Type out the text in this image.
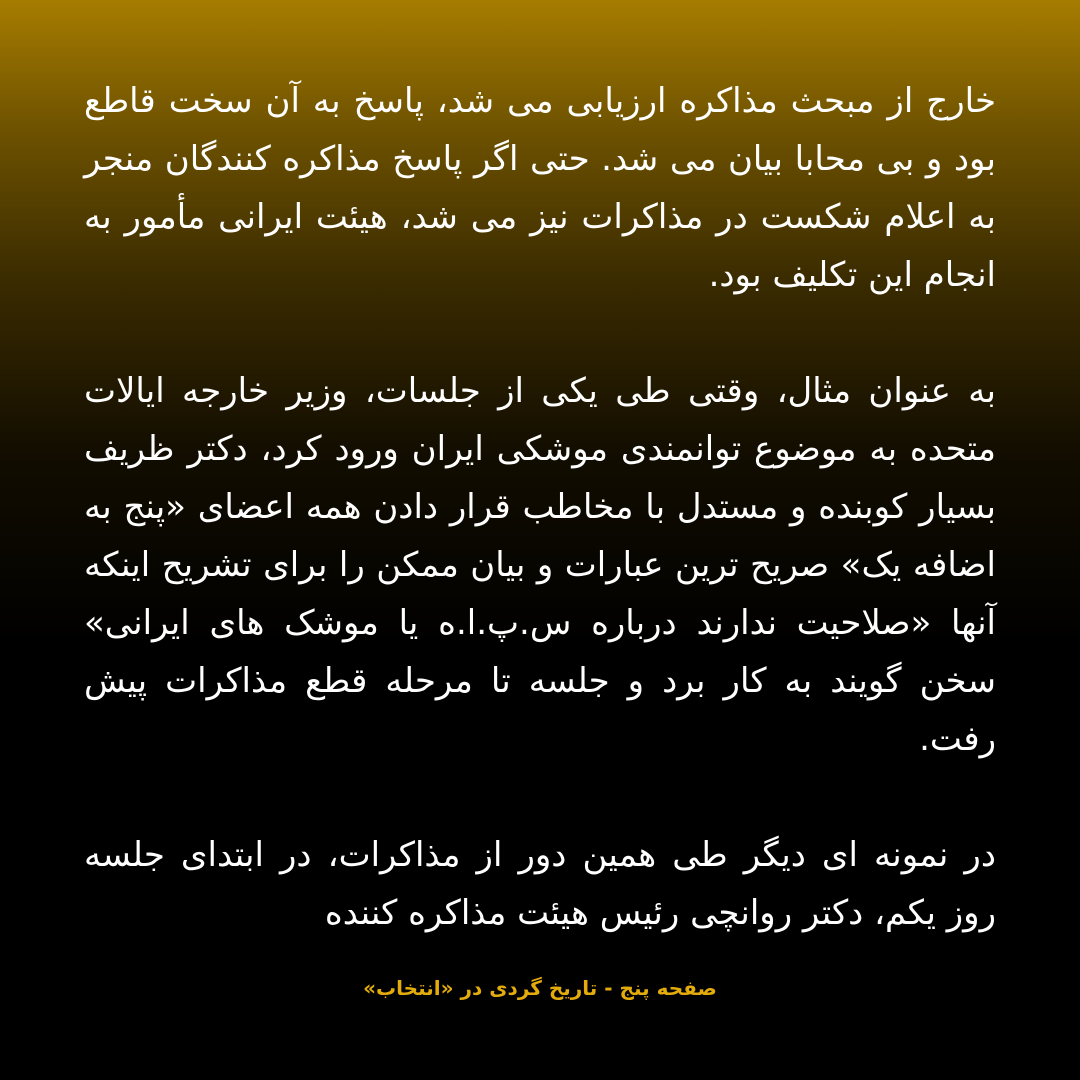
خارج از مبحث مذاکره ارزیابی می شد، پاسخ به آن سخت قاطع بود و بی محابا بیان می شد. حتی اگر پاسخ مذاکره کنندگان منجر به اعلام شکست در مذاکرات نیز می شد، هیئت ایرانی مأمور به انجام این تکلیف بود.

به عنوان مثال، وقتی طی یکی از جلسات، وزیر خارجه ایالات متحده به موضوع توانمندی موشکی ایران ورود کرد، دکتر ظریف بسیار کوبنده و مستدل با مخاطب قرار دادن همه اعضای «پنج به اضافه یک» صریح ترین عبارات و بیان ممکن را برای تشریح اینکه آنها «صلاحیت ندارند درباره س.پ.ا.ه یا موشک های ایرانی» سخن گویند به کار برد و جلسه تا مرحله قطع مذاکرات پیش رفت.

در نمونه ای دیگر طی همین دور از مذاکرات، در ابتدای جلسه روز یکم، دکتر روانچی رئیس هیئت مذاکره کننده

صفحه پنج - تاریخ گردی در «انتخاب»
